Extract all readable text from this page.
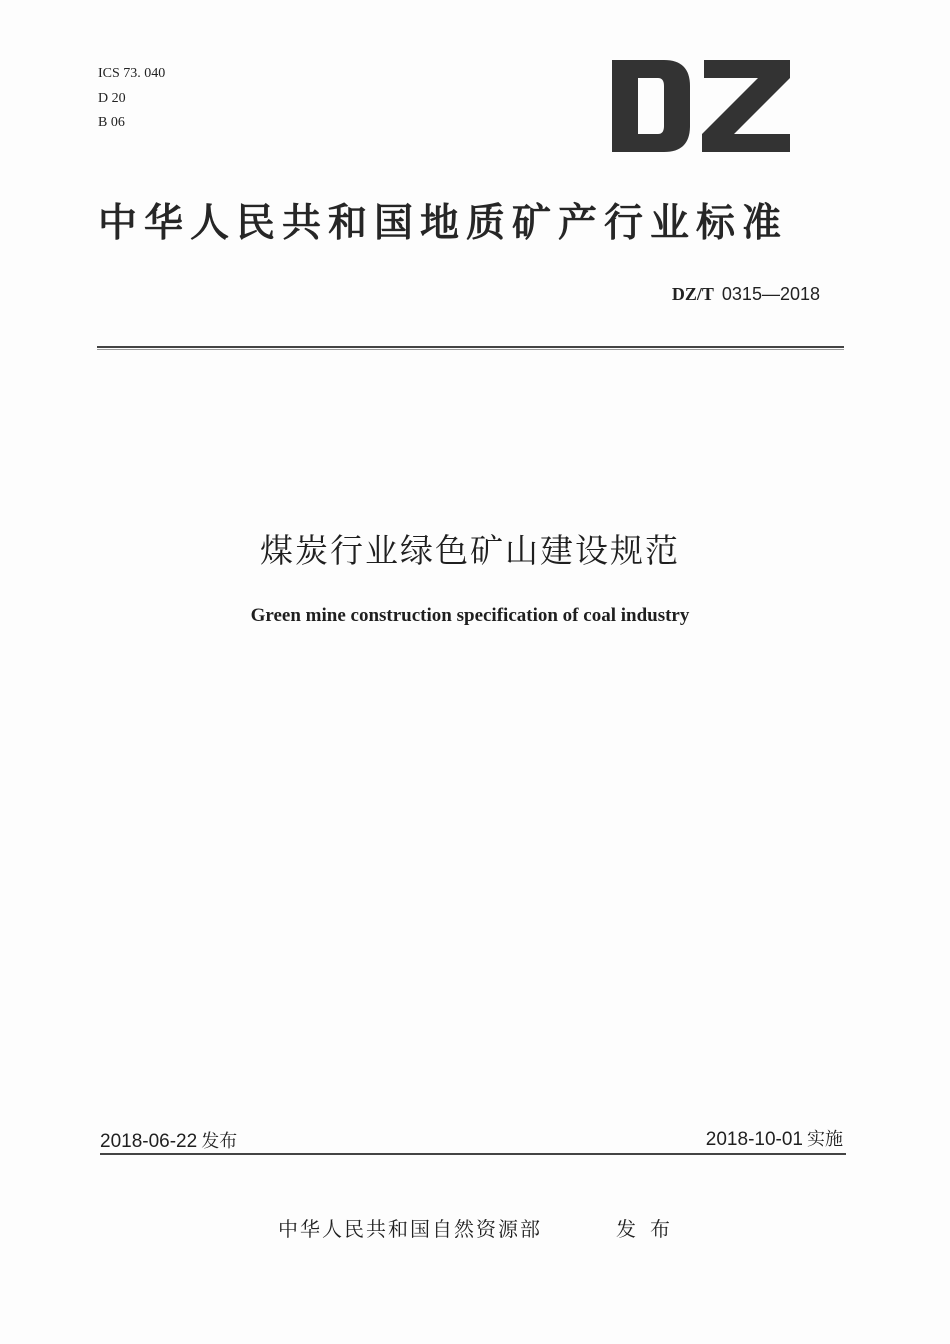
ICS 73. 040
D 20
B 06
中华人民共和国地质矿产行业标准
DZ/T 0315—2018
煤炭行业绿色矿山建设规范
Green mine construction specification of coal industry
2018-06-22 发布	2018-10-01 实施
中华人民共和国自然资源部	发布
